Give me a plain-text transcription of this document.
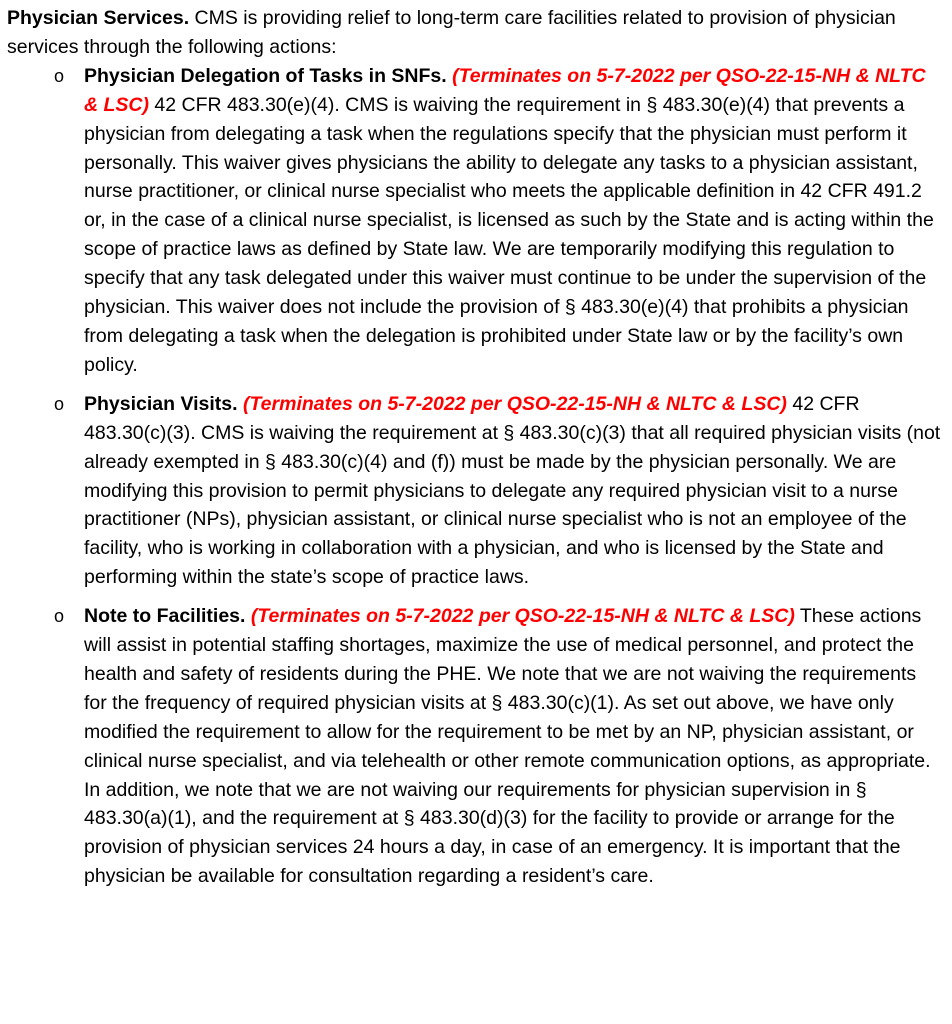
Physician Services. CMS is providing relief to long-term care facilities related to provision of physician services through the following actions:

o Physician Delegation of Tasks in SNFs. (Terminates on 5-7-2022 per QSO-22-15-NH & NLTC & LSC) 42 CFR 483.30(e)(4). CMS is waiving the requirement in § 483.30(e)(4) that prevents a physician from delegating a task when the regulations specify that the physician must perform it personally. This waiver gives physicians the ability to delegate any tasks to a physician assistant, nurse practitioner, or clinical nurse specialist who meets the applicable definition in 42 CFR 491.2 or, in the case of a clinical nurse specialist, is licensed as such by the State and is acting within the scope of practice laws as defined by State law. We are temporarily modifying this regulation to specify that any task delegated under this waiver must continue to be under the supervision of the physician. This waiver does not include the provision of § 483.30(e)(4) that prohibits a physician from delegating a task when the delegation is prohibited under State law or by the facility’s own policy.
o Physician Visits. (Terminates on 5-7-2022 per QSO-22-15-NH & NLTC & LSC) 42 CFR 483.30(c)(3). CMS is waiving the requirement at § 483.30(c)(3) that all required physician visits (not already exempted in § 483.30(c)(4) and (f)) must be made by the physician personally. We are modifying this provision to permit physicians to delegate any required physician visit to a nurse practitioner (NPs), physician assistant, or clinical nurse specialist who is not an employee of the facility, who is working in collaboration with a physician, and who is licensed by the State and performing within the state’s scope of practice laws.
o Note to Facilities. (Terminates on 5-7-2022 per QSO-22-15-NH & NLTC & LSC) These actions will assist in potential staffing shortages, maximize the use of medical personnel, and protect the health and safety of residents during the PHE. We note that we are not waiving the requirements for the frequency of required physician visits at § 483.30(c)(1). As set out above, we have only modified the requirement to allow for the requirement to be met by an NP, physician assistant, or clinical nurse specialist, and via telehealth or other remote communication options, as appropriate. In addition, we note that we are not waiving our requirements for physician supervision in § 483.30(a)(1), and the requirement at § 483.30(d)(3) for the facility to provide or arrange for the provision of physician services 24 hours a day, in case of an emergency. It is important that the physician be available for consultation regarding a resident’s care.
